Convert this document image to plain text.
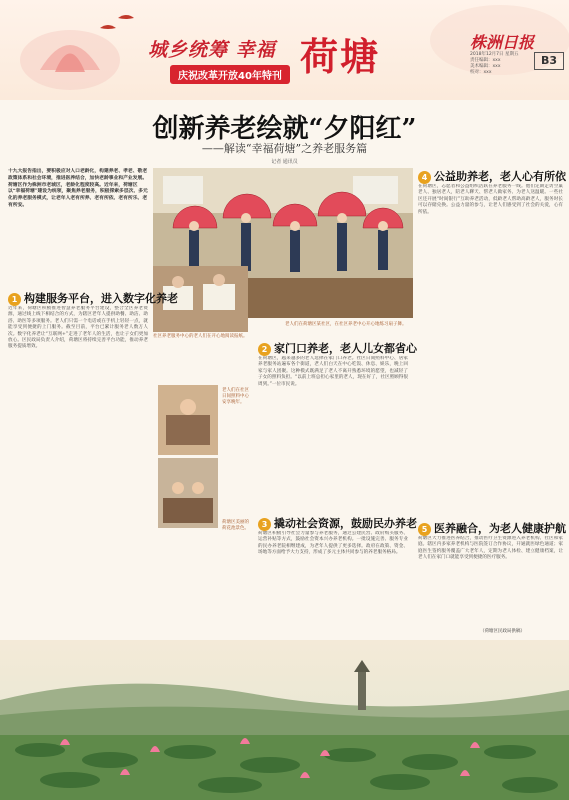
城乡统筹 幸福 荷塘
庆祝改革开放40年特刊
株洲日报
2018年12月7日 星期五
责任编辑：xxx
美术编辑：xxx
校对：xxx
B3
创新养老绘就“夕阳红”
——解读“幸福荷塘”之养老服务篇
记者 通讯员
十九大报告指出，要积极应对人口老龄化，构建养老、孝老、敬老政策体系和社会环境，推进医养结合，加快老龄事业和产业发展。荷塘区作为株洲市老城区，老龄化程度较高。近年来，荷塘区以“幸福荷塘”建设为统领，聚焦养老服务，积极探索多层次、多元化的养老服务模式，让老年人老有所养、老有所依、老有所乐、老有所安。
老人们在荷塘区某社区，在社区养老中心开心地练习扇子舞。
社区养老服务中心的老人们在开心地阅读报纸。
1 构建服务平台，进入数字化养老
近年来，荷塘区积极推进智慧养老服务平台建设，整合全区养老资源，通过线上线下相结合的方式，为辖区老年人提供助餐、助洁、助浴、助医等多项服务。老人们只需一个电话或在手机上轻轻一点，就能享受到便捷的上门服务。截至目前，平台已累计服务老人数万人次。数字化养老让“互联网+”走进了老年人的生活，也让子女们更加放心。区民政局负责人介绍，荷塘区将持续完善平台功能，推动养老服务提质增效。
老人们在社区日间照料中心安享晚年。
荷塘区美丽的荷花池景色。
2 家门口养老，老人儿女都省心
在荷塘区，越来越多的老人选择在家门口养老。社区日间照料中心、居家养老服务站遍布各个街道，老人们白天在中心吃饭、休息、娱乐，晚上回家与家人团聚。这种模式既满足了老人不离开熟悉环境的愿望，也减轻了子女的照料负担。“以前上班总担心家里的老人，现在好了，社区照顾得很周到。”一位市民说。
3 撬动社会资源，鼓励民办养老
荷塘区积极引导社会力量参与养老服务，通过公建民营、政府购买服务、运营补贴等方式，鼓励社会资本兴办养老机构。一批设施完善、服务专业的民办养老院相继建成，为老年人提供了更多选择。政府在政策、资金、场地等方面给予大力支持，形成了多元主体共同参与的养老服务格局。
4 公益助养老，老人心有所依
在荷塘区，志愿者和公益组织活跃在养老服务一线。他们定期走访空巢老人、独居老人，陪老人聊天、帮老人做家务、为老人送温暖。一些社区还开展“时间银行”互助养老活动，低龄老人帮助高龄老人，服务时长可以存储兑换。公益力量的参与，让老人们感受到了社会的关爱，心有所依。
5 医养融合，为老人健康护航
荷塘区大力推进医养结合，推动医疗卫生资源进入养老机构、社区和家庭。辖区内多家养老机构与医院签订合作协议，开通就医绿色通道；家庭医生签约服务覆盖广大老年人，定期为老人体检、建立健康档案，让老人们在家门口就能享受到便捷的医疗服务。
（荷塘区民政局供稿）
